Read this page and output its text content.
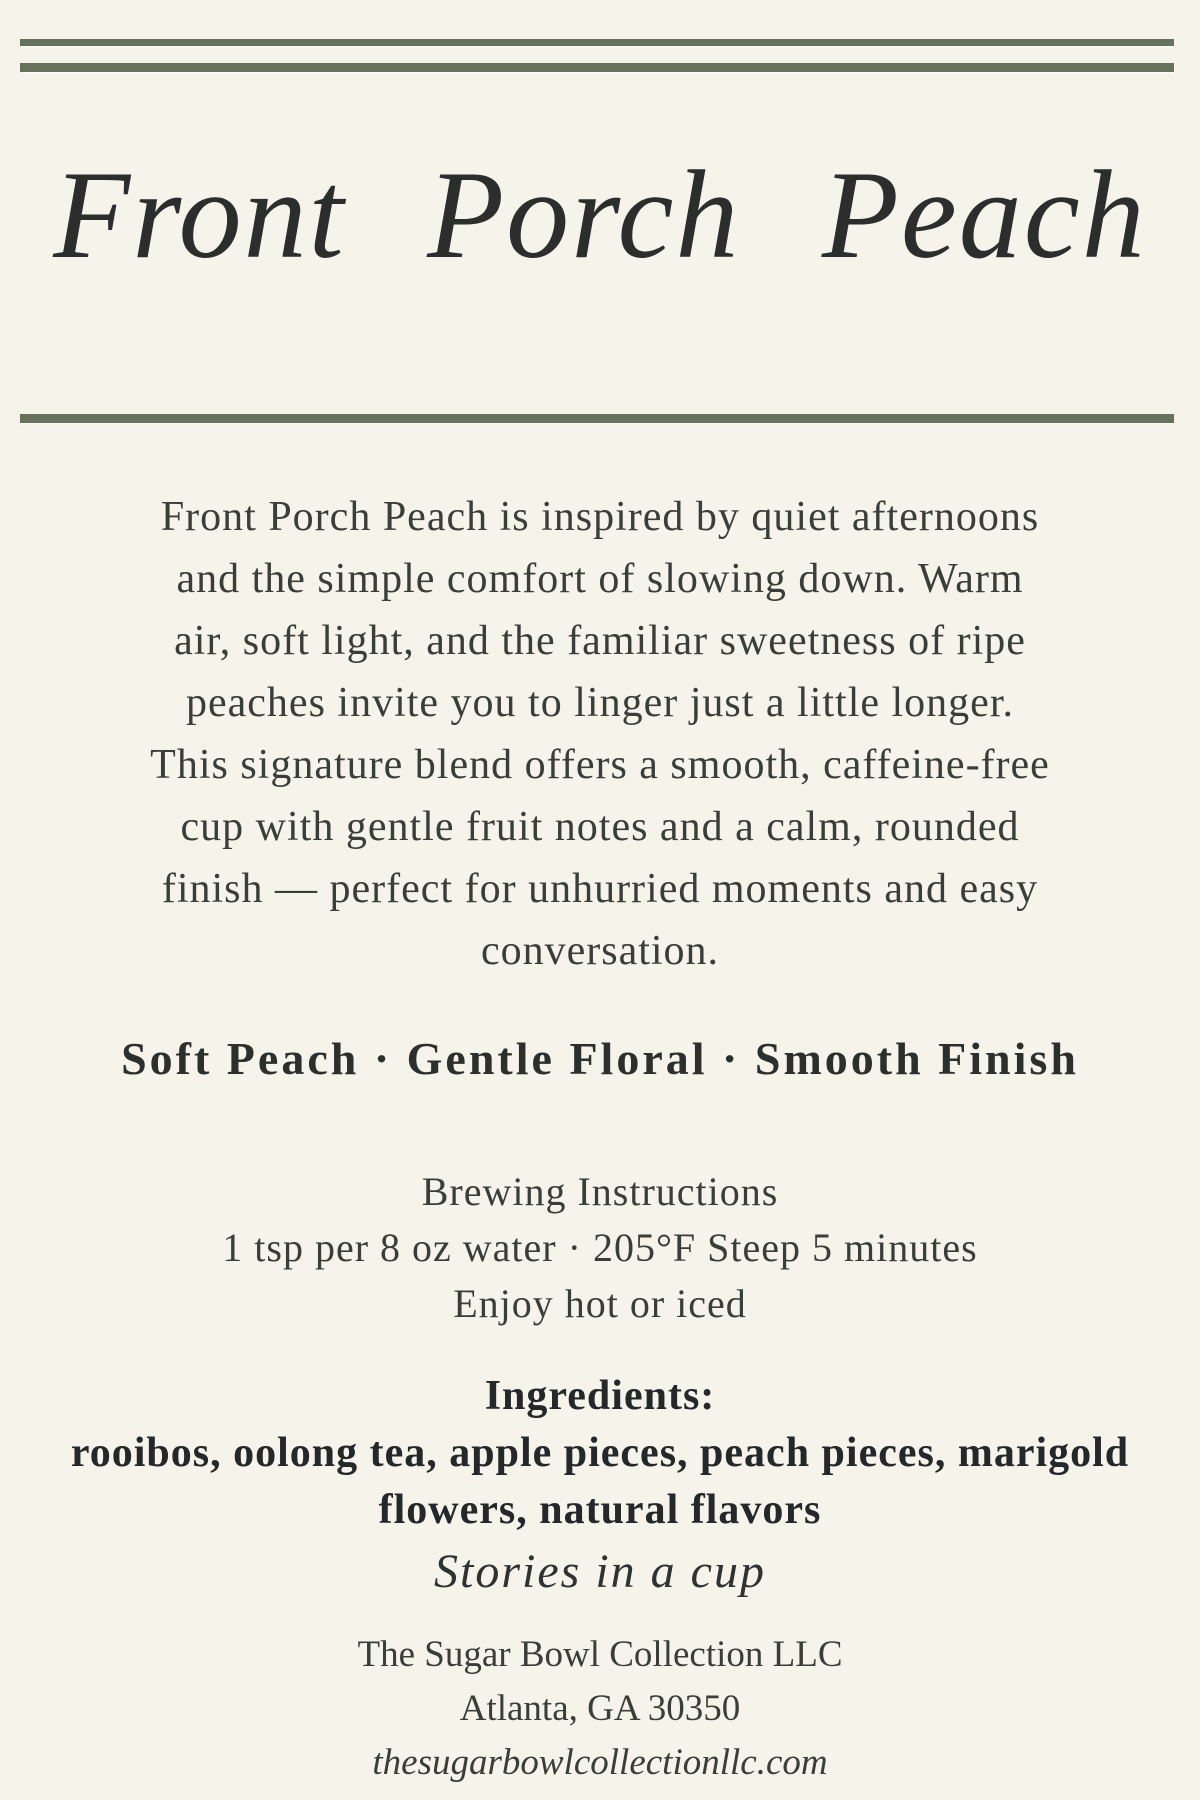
Front Porch Peach
Front Porch Peach is inspired by quiet afternoons
and the simple comfort of slowing down. Warm
air, soft light, and the familiar sweetness of ripe
peaches invite you to linger just a little longer.
This signature blend offers a smooth, caffeine-free
cup with gentle fruit notes and a calm, rounded
finish — perfect for unhurried moments and easy
conversation.
Soft Peach · Gentle Floral · Smooth Finish
Brewing Instructions
1 tsp per 8 oz water · 205°F Steep 5 minutes
Enjoy hot or iced
Ingredients:
rooibos, oolong tea, apple pieces, peach pieces, marigold
flowers, natural flavors
Stories in a cup
The Sugar Bowl Collection LLC
Atlanta, GA 30350
thesugarbowlcollectionllc.com
